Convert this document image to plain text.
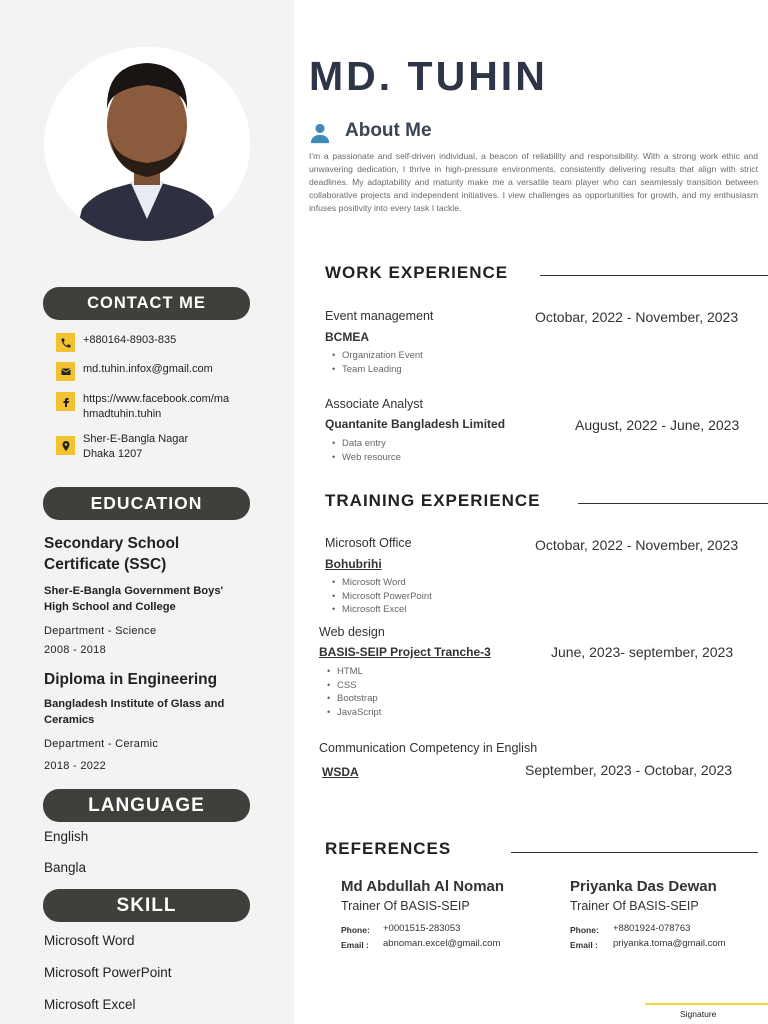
CONTACT ME
+880164-8903-835
md.tuhin.infox@gmail.com
https://www.facebook.com/mahmadtuhin.tuhin
Sher-E-Bangla Nagar Dhaka 1207
EDUCATION
Secondary School Certificate (SSC)
Sher-E-Bangla Government Boys' High School and College
Department - Science
2008 - 2018
Diploma in Engineering
Bangladesh Institute of Glass and Ceramics
Department - Ceramic
2018 - 2022
LANGUAGE
English
Bangla
SKILL
Microsoft Word
Microsoft PowerPoint
Microsoft Excel
MD. TUHIN
About Me
I'm a passionate and self-driven individual, a beacon of reliability and responsibility. With a strong work ethic and unwavering dedication, I thrive in high-pressure environments, consistently delivering results that align with strict deadlines. My adaptability and maturity make me a versatile team player who can seamlessly transition between collaborative projects and independent initiatives. I view challenges as opportunities for growth, and my enthusiasm infuses positivity into every task I tackle.
WORK EXPERIENCE
Event management
BCMEA
Octobar, 2022 - November, 2023
• Organization Event
• Team Leading
Associate Analyst
Quantanite Bangladesh Limited	August, 2022 - June, 2023
• Data entry
• Web resource
TRAINING EXPERIENCE
Microsoft Office
Bohubrihi
Octobar, 2022 - November, 2023
• Microsoft Word
• Microsoft PowerPoint
• Microsoft Excel
Web design
BASIS-SEIP Project Tranche-3	June, 2023- september, 2023
• HTML
• CSS
• Bootstrap
• JavaScript
Communication Competency in English
WSDA	September, 2023 - Octobar, 2023
REFERENCES
Md Abdullah Al Noman
Trainer Of BASIS-SEIP
Phone: +0001515-283053
Email : abnoman.excel@gmail.com
Priyanka Das Dewan
Trainer Of BASIS-SEIP
Phone: +8801924-078763
Email : priyanka.toma@gmail.com
Signature
